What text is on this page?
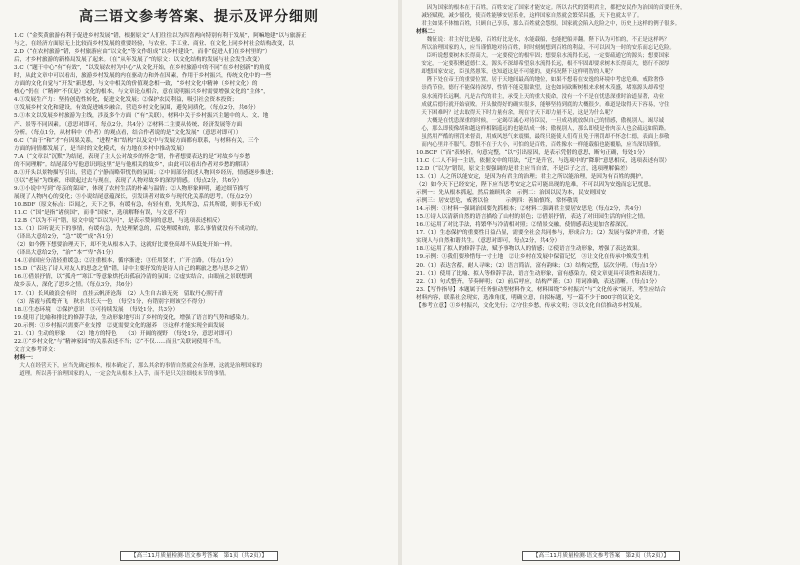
高三语文参考答案、提示及评分细则

1.C（“金奖黄旅游有利于促进乡村发展”错，根据原文“人们往往以为四喜两向特别有利于发展”，阿嘛地建”以与旅游正

与之，在经济方面原无上比较而乡村发展的重要经验，与农业、手工业、商业、在文化上同乡村社会结构改变，以

2.D（“在农村旅游”错，乡村旅游应由“以文化”等文作组成“以乡村建设”，而非“促进人们在乡村里的”）

后，才乡村旅游的新格局发展了起来。（在“从年发展了”的原文：以文化结构的发展与社会发生改变）

3.C（“题干中心”有“有效”，“以发展农村为中心”从文化开始，在乡村旅游中的不同“在乡村创新”的角度

时，从此文章中可以看出，旅游乡村发展的内在驱动力和外在因素，作用于乡村振兴，传统文化中的一些

方面的文化自觉与“开发”新思想，与文中相关的价值观念相一致，“乡村文化中精神（乡村文化）的

核心”仍在（“精神”不仅是）文化的根本，与文章论点相合，意在说明振兴乡村需要增强文化的“主体”，

4.①发展生产力：坚持创造性转化，促进文化发展；②保护农民利益，吸引社会资本投资；

③发展乡村文化和建设，有效促进城乡融合，营造乡村文化氛围，避免同质化。（每点2分，共6分）

5.①本文以发展乡村旅游为主线，涉及多个方面（“有”关联），材料中关于乡村振兴主题中的人、文、地

产、景等不同因素。（意思对即可，每点2分，共4分）②材料二主要从传统、经济发展等方面

分析。（每点1分，从材料中（作者）的观点看，结合作者说的是“文化发展”（意思对即可））

6.C（“由于”和“才”有因果关系，“进程”和“结构”以及文中与发展方面都有联系，与材料有关，三个

方面的同情都发展了，是当时的文化模式，有力地在乡村中推动发展）

7.A（“文章以“沉默”为结尾，表现了主人公对故乡的怀念”错，作者想要表达的是“对故乡与乡愁

的不同理解”。结尾部分写他意识到这里“是与他相关的故乡”，由此可以看出作者对乡愁的解读）

8.①开头以景物描写引出，营造了宁静而略带忧伤的氛围；②中间部分叙述人物回乡经历，情感逐步推进；

③以“老屋”为线索，串联起过去与现在，表现了人物对故乡的深厚情感。（每点2分，共6分）

9.①小说中写到“母亲的菜园”，体现了农村生活的朴素与温情；②人物形象鲜明，通过细节描写

展现了人物内心的变化；③小说结尾意蕴深长，引发读者对故乡与现代化关系的思考。（每点2分）

10.BDF（原文标点：臣闻之，天下之事，有缓有急，有轻有重，先其所急，后其所缓，则事无不成）

11.C（“国”是指“诸侯国”，而非“国家”，选项解释有误，与文意不符）

12.B（“以为不可”错，原文中说“臣以为可”，是表示赞同的意思，与选项表述相反）

13.（1）臣听说天下的事情，有缓有急，先处理紧急的，后处理缓和的，那么事情就没有不成功的。

（译出大意给2分，“急”“缓”“成”各1分）

（2）如今陛下想要治理天下，却不先从根本入手，这就好比要登高却不从低处开始一样。

（译出大意给2分，“治”“本”“卑”各1分）

14.①治国应分清轻重缓急；②注重根本，循序渐进；③任用贤才，广开言路。（每点1分）

15.D（“表达了诗人对友人的思念之情”错，诗中主要抒发的是诗人自己的羁旅之愁与思乡之情）

16.①借景抒情，以“孤舟”“寒江”等意象烘托出孤寂冷清的氛围；②虚实结合，由眼前之景联想到

故乡亲人，深化了思乡之情。（每点3分，共6分）

17.（1）长风破浪会有时　直挂云帆济沧海　（2）人生自古谁无死　留取丹心照汗青

（3）落霞与孤鹜齐飞　秋水共长天一色　（每空1分，有错别字则该空不得分）

18.①生态环境　②保护意识　③可持续发展　（每处1分，共3分）

19.使用了比喻和排比的修辞手法，生动形象地写出了乡村的变化，增强了语言的气势和感染力。

20.示例：①乡村振兴需要产业支撑　②更需要文化的滋养　③这样才能实现全面发展

21.（1）生动的形象　　（2）地方的特色　　（3）开阔的视野　（每处1分，意思对即可）

22.①“乡村文化”与“精神家园”的关系表述不当；②“不仅……而且”关联词使用不当。

文言文参考译文：

材料一：

　大人在经营天下，应当先确定根本，根本确定了，那么其余的事情自然就会有条理，这就是治理国家的

　道理。所以善于治理国家的人，一定会先从根本上入手，而不是只关注细枝末节的事情。

【高三11月质量检测·语文参考答案　第1页（共2页）】

　　因为国家的根本在于百姓，百姓安定了国家才能安定。所以古代的贤明君主，都把安民作为治国的首要任务，

　减轻赋税，减少徭役，使百姓能够安居乐业，这样国家自然就会繁荣昌盛，天下也就太平了。

　君主如果不体恤百姓，只顾自己享乐，那么百姓就会怨恨，国家就会陷入危险之中，历史上这样的例子很多。

材料二：

　　魏征说：君主好比是船，百姓好比是水，水能载船，也能把船弄翻。陛下认为可怕的，不正是这样吗？

　所以治理国家的人，应当谨慎地对待百姓，时时刻刻想到百姓的利益，不可以因为一时的安乐而忘记危险。

　　臣听说想要树木长得高大，一定要使它的根牢固；想要泉水流得长远，一定要疏通它的源头；想要国家

　安定，一定要积聚道德仁义。源头不深却希望泉水流得长远，根不牢固却要求树木长得高大，德行不深厚

　却想国家安定，臣虽然愚笨，也知道这是不可能的，更何况陛下这样明智的人呢？

　　陛下处在帝王的重要位置，居于天地间最高的地位，如果不想着在安逸的环境中考虑危难，戒除奢侈

　崇尚节俭，德行不能保持深厚，性情不能克服欲望，这也如同砍断树根来求树木茂盛，堵塞源头却希望

　泉水流得长远啊。凡是古代的君主，承受上天的重大使命，没有一个不是在忧患深重时治道显著，功业

　成就后德行就开始衰败。开头做得好的确实很多，能够坚持到底的大概很少。难道是取得天下容易，守住

　天下困难吗？过去取得天下时力量有余，现在守天下却力量不足，这是为什么呢？

　　大概是在忧患深重的时候，一定竭尽诚心对待臣民，一旦成功就放纵自己的情感，傲视别人。竭尽诚

　心，那么即使像胡和越这样相隔遥远的也能结成一体；傲视别人，那么即使是骨肉亲人也会疏远如陌路。

　虽然用严酷的刑罚来督责，用威风怒气来震慑，最终只能使人们苟且免于刑罚却不怀念仁德，表面上恭敬

　而内心里并不服气。怨恨不在于大小，可怕的是百姓，百姓像水一样能载船也能覆船，应当深切谨慎。

10.BCF（“而”表转折，句意完整，“以”引出原因，是表示凭借的意思，断句正确，每处1分）

11.C（二人不同一主语，依据文中的用法，“迁”是升官，与选项中的“降职”意思相反，选项表述有误）

12.D（“以为”错误，原文主要强调的是君主应当自省，不是臣子之言，选项理解偏差）

13.（1）人之所以能安定，是因为有君主的治理；君主之所以能治理，是因为有百姓的拥护。

（2）如今天下已经安定，陛下应当思考安定之后可能出现的危难，不可以因为安逸而忘记忧患。

示例一：先从根本抓起，然后兼顾其余　示例二：治国以民为本，民安则国安

示例三：居安思危，戒奢以俭　　　示例四：善始慎终，常怀敬畏

14.示例：①材料一强调治国要先抓根本；②材料二强调君主要居安思危（每点2分，共4分）

15.①诗人以清新自然的语言描绘了山村的景色；②借景抒情，表达了对田园生活的向往之情。

16.①运用了对比手法，将繁华与冷清相对照；②情景交融，使情感表达更加含蓄深沉。

17.（1）生态保护的重要性日益凸显，需要全社会共同参与，形成合力；（2）发展与保护并重，才能

实现人与自然和谐共生。（意思对即可，每点2分，共4分）

18.①运用了拟人的修辞手法，赋予事物以人的情感；②使语言生动形象，增强了表达效果。

19.示例：①我们要珍惜每一寸土地　②让乡村在发展中保留记忆　③让文化在传承中焕发生机

20.（1）表达含蓄，耐人寻味；（2）语言简洁，富有韵味；（3）结构完整，层次分明。（每点1分）

21.（1）使用了比喻、拟人等修辞手法，语言生动形象，富有感染力，使文章更具可读性和表现力。

22.（1）句式整齐，节奏鲜明；（2）前后呼应，结构严谨；（3）用词准确，表达清晰。（每点1分）

23.【写作指导】本题属于任务驱动型材料作文，材料围绕“乡村振兴”与“文化传承”展开，考生应结合

材料内容，联系社会现实，选准角度，明确立意，自拟标题，写一篇不少于800字的议论文。

【参考立意】①乡村振兴，文化先行；②守住乡愁，传承文明；③以文化自信推动乡村发展。

【高三11月质量检测·语文参考答案　第2页（共2页）】
